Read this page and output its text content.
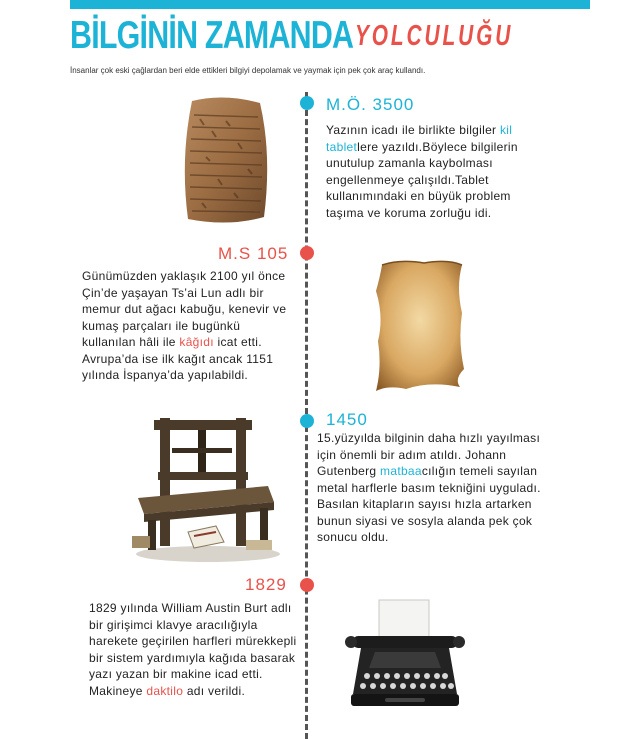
BİLGİNİN ZAMANDA YOLCULUĞU
İnsanlar çok eski çağlardan beri elde ettikleri bilgiyi depolamak ve yaymak için pek çok araç kullandı.
M.Ö. 3500
Yazının icadı ile birlikte bilgiler kil tabletlere yazıldı.Böylece bilgilerin unutulup zamanla kaybolması engellenmeye çalışıldı.Tablet kullanımındaki en büyük problem taşıma ve koruma zorluğu idi.
M.S 105
Günümüzden yaklaşık 2100 yıl önce Çin’de yaşayan Ts’ai Lun adlı bir memur dut ağacı kabuğu, kenevir ve kumaş parçaları ile bugünkü kullanılan hâli ile kâğıdı icat etti. Avrupa’da ise ilk kağıt ancak 1151 yılında İspanya’da yapılabildi.
1450
15.yüzyılda bilginin daha hızlı yayılması için önemli bir adım atıldı. Johann Gutenberg matbaacılığın temeli sayılan metal harflerle basım tekniğini uyguladı. Basılan kitapların sayısı hızla artarken bunun siyasi ve sosyla alanda pek çok sonucu oldu.
1829
1829 yılında William Austin Burt adlı bir girişimci klavye aracılığıyla harekete geçirilen harfleri mürekkepli bir sistem yardımıyla kağıda basarak yazı yazan bir makine icad etti. Makineye daktilo adı verildi.
